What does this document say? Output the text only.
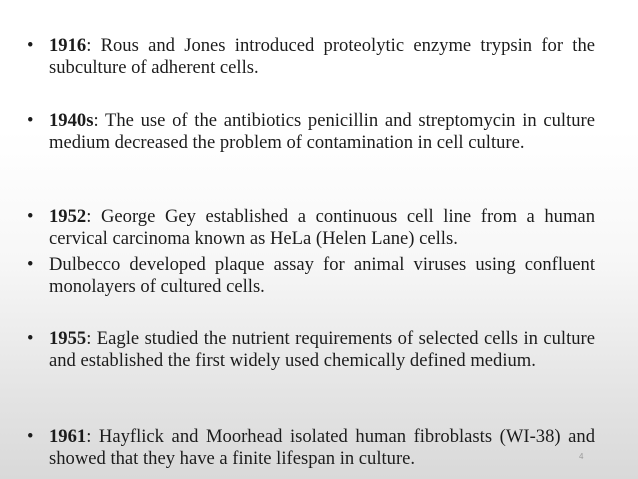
• 1916: Rous and Jones introduced proteolytic enzyme trypsin for the subculture of adherent cells.
• 1940s: The use of the antibiotics penicillin and streptomycin in culture medium decreased the problem of contamination in cell culture.
• 1952: George Gey established a continuous cell line from a human cervical carcinoma known as HeLa (Helen Lane) cells.
• Dulbecco developed plaque assay for animal viruses using confluent monolayers of cultured cells.
• 1955: Eagle studied the nutrient requirements of selected cells in culture and established the first widely used chemically defined medium.
• 1961: Hayflick and Moorhead isolated human fibroblasts (WI-38) and showed that they have a finite lifespan in culture.	4
